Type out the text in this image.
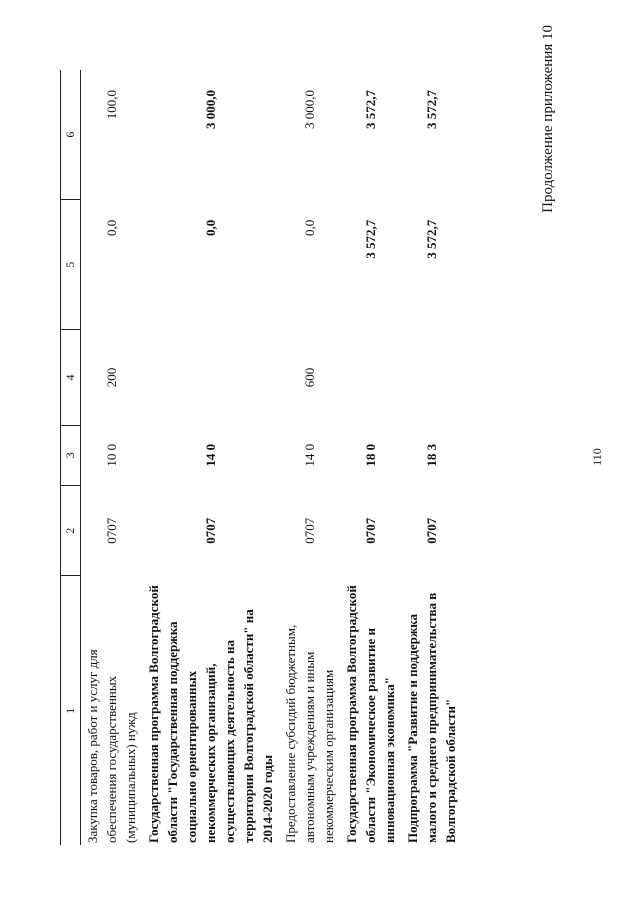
110
Продолжение приложения 10
1	2	3	4	5	6
Закупка товаров, работ и услуг для обеспечения государственных (муниципальных) нужд	0707	10 0	200	0,0	100,0
Государственная программа Волгоградской области "Государственная поддержка социально ориентированных некоммерческих организаций, осуществляющих деятельность на территории Волгоградской области" на 2014-2020 годы	0707	14 0		0,0	3 000,0
Предоставление субсидий бюджетным, автономным учреждениям и иным некоммерческим организациям	0707	14 0	600	0,0	3 000,0
Государственная программа Волгоградской области "Экономическое развитие и инновационная экономика"	0707	18 0		3 572,7	3 572,7
Подпрограмма "Развитие и поддержка малого и среднего предпринимательства в Волгоградской области"	0707	18 3		3 572,7	3 572,7
